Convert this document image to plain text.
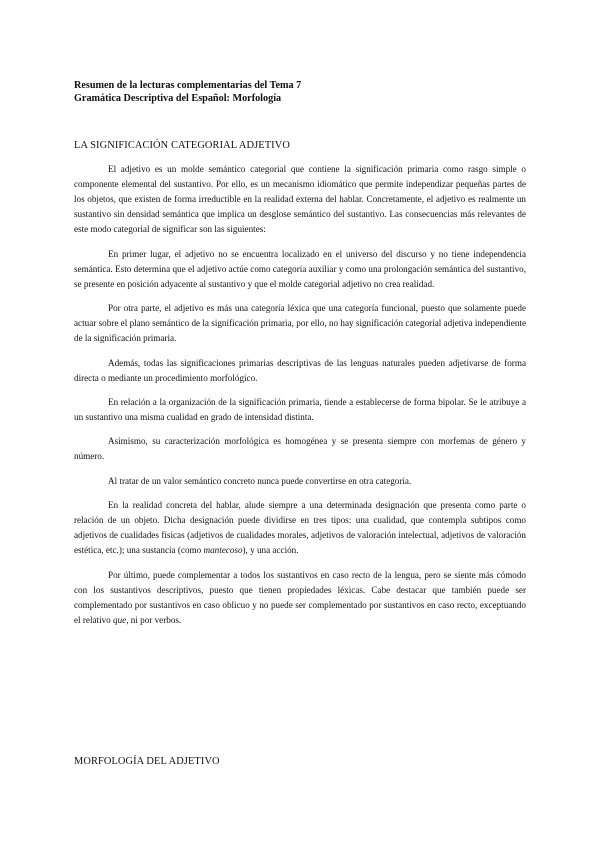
Resumen de la lecturas complementarias del Tema 7

Gramática Descriptiva del Español: Morfología

LA SIGNIFICACIÓN CATEGORIAL ADJETIVO

El adjetivo es un molde semántico categorial que contiene la significación primaria como rasgo simple o componente elemental del sustantivo. Por ello, es un mecanismo idiomático que permite independizar pequeñas partes de los objetos, que existen de forma irreductible en la realidad externa del hablar. Concretamente, el adjetivo es realmente un sustantivo sin densidad semántica que implica un desglose semántico del sustantivo. Las consecuencias más relevantes de este modo categorial de significar son las siguientes:

En primer lugar, el adjetivo no se encuentra localizado en el universo del discurso y no tiene independencia semántica. Esto determina que el adjetivo actúe como categoría auxiliar y como una prolongación semántica del sustantivo, se presente en posición adyacente al sustantivo y que el molde categorial adjetivo no crea realidad.

Por otra parte, el adjetivo es más una categoría léxica que una categoría funcional, puesto que solamente puede actuar sobre el plano semántico de la significación primaria, por ello, no hay significación categorial adjetiva independiente de la significación primaria.

Además, todas las significaciones primarias descriptivas de las lenguas naturales pueden adjetivarse de forma directa o mediante un procedimiento morfológico.

En relación a la organización de la significación primaria, tiende a establecerse de forma bipolar. Se le atribuye a un sustantivo una misma cualidad en grado de intensidad distinta.

Asimismo, su caracterización morfológica es homogénea y se presenta siempre con morfemas de género y número.

Al tratar de un valor semántico concreto nunca puede convertirse en otra categoría.

En la realidad concreta del hablar, alude siempre a una determinada designación que presenta como parte o relación de un objeto. Dicha designación puede dividirse en tres tipos: una cualidad, que contempla subtipos como adjetivos de cualidades físicas (adjetivos de cualidades morales, adjetivos de valoración intelectual, adjetivos de valoración estética, etc.); una sustancia (como mantecoso), y una acción.

Por último, puede complementar a todos los sustantivos en caso recto de la lengua, pero se siente más cómodo con los sustantivos descriptivos, puesto que tienen propiedades léxicas. Cabe destacar que también puede ser complementado por sustantivos en caso oblicuo y no puede ser complementado por sustantivos en caso recto, exceptuando el relativo que, ni por verbos.

MORFOLOGÍA DEL ADJETIVO
